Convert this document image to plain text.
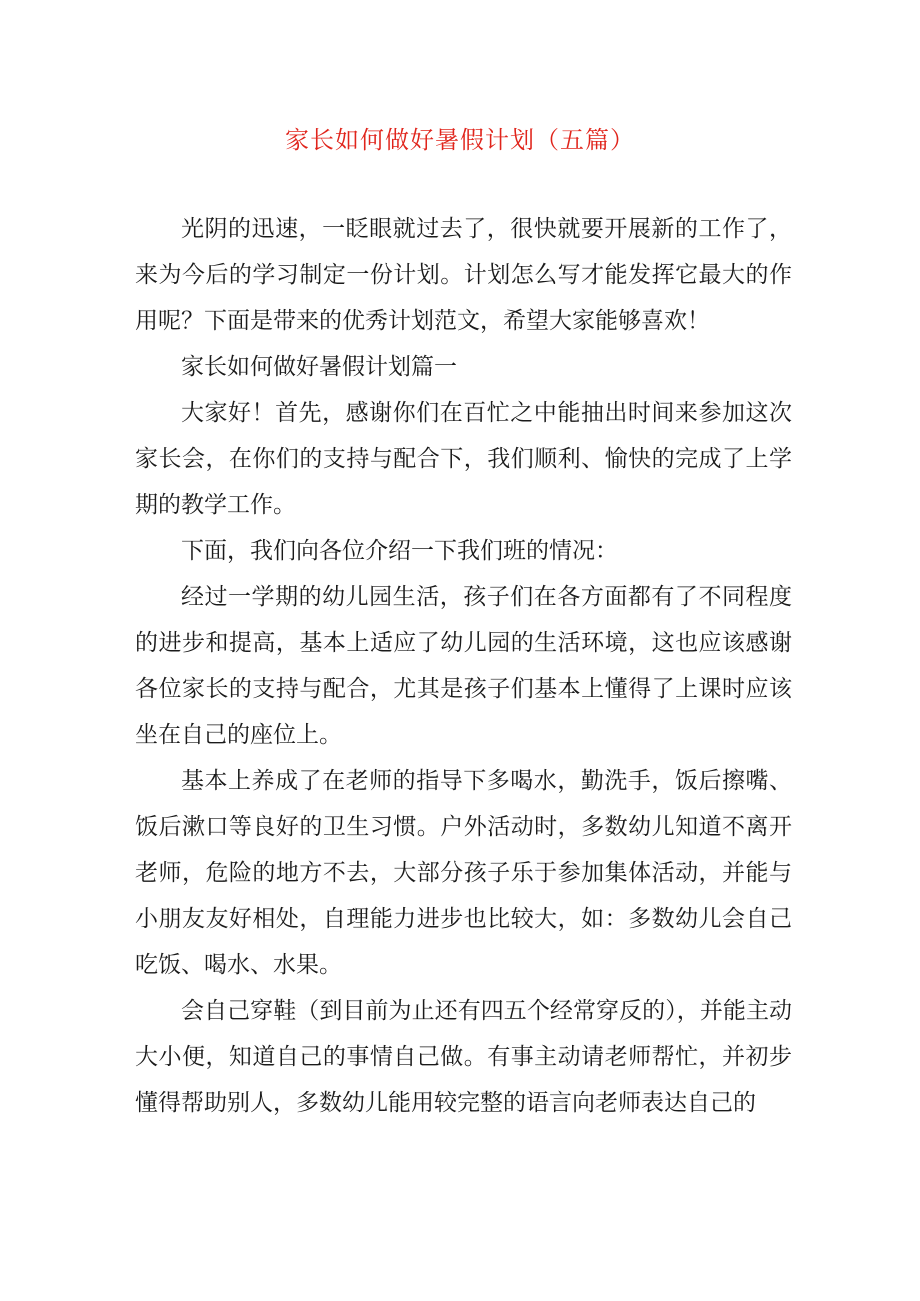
家长如何做好暑假计划（五篇）

光阴的迅速，一眨眼就过去了，很快就要开展新的工作了，来为今后的学习制定一份计划。计划怎么写才能发挥它最大的作用呢？下面是带来的优秀计划范文，希望大家能够喜欢！

家长如何做好暑假计划篇一

大家好！首先，感谢你们在百忙之中能抽出时间来参加这次家长会，在你们的支持与配合下，我们顺利、愉快的完成了上学期的教学工作。

下面，我们向各位介绍一下我们班的情况：

经过一学期的幼儿园生活，孩子们在各方面都有了不同程度的进步和提高，基本上适应了幼儿园的生活环境，这也应该感谢各位家长的支持与配合，尤其是孩子们基本上懂得了上课时应该坐在自己的座位上。

基本上养成了在老师的指导下多喝水，勤洗手，饭后擦嘴、饭后漱口等良好的卫生习惯。户外活动时，多数幼儿知道不离开老师，危险的地方不去，大部分孩子乐于参加集体活动，并能与小朋友友好相处，自理能力进步也比较大，如：多数幼儿会自己吃饭、喝水、水果。

会自己穿鞋（到目前为止还有四五个经常穿反的），并能主动大小便，知道自己的事情自己做。有事主动请老师帮忙，并初步懂得帮助别人，多数幼儿能用较完整的语言向老师表达自己的
